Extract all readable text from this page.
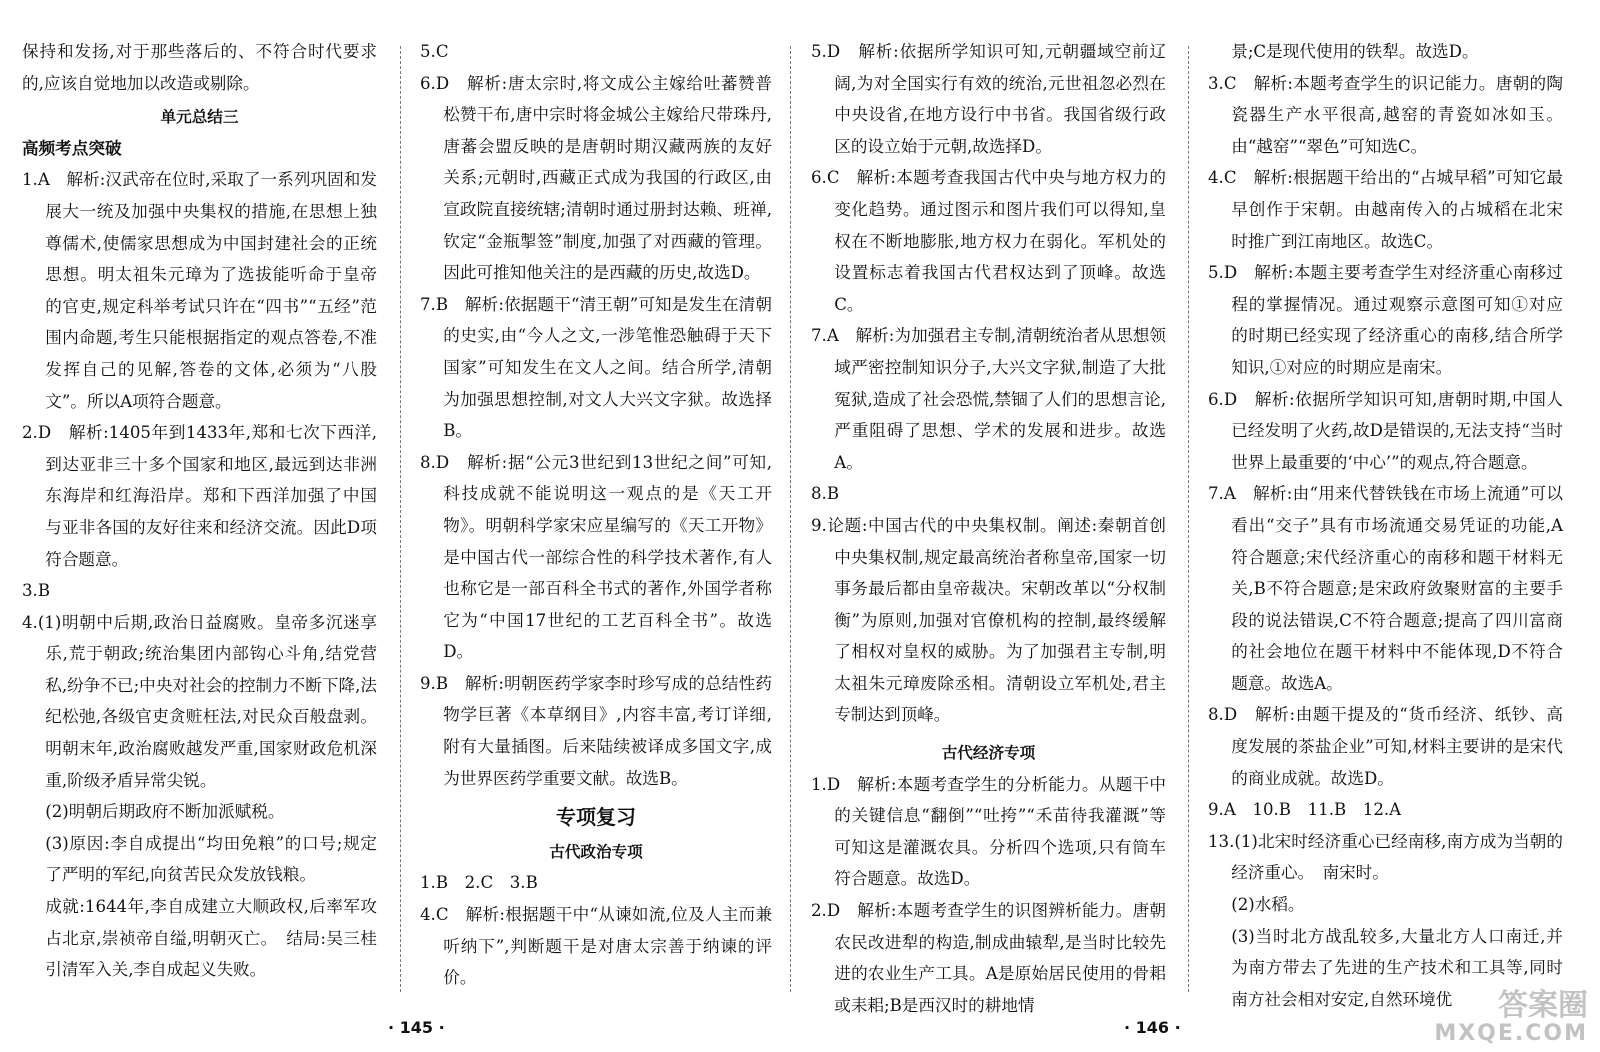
保持和发扬,对于那些落后的、不符合时代要求的,应该自觉地加以改造或剔除。

单元总结三

高频考点突破

1.A　解析:汉武帝在位时,采取了一系列巩固和发展大一统及加强中央集权的措施,在思想上独尊儒术,使儒家思想成为中国封建社会的正统思想。明太祖朱元璋为了选拔能听命于皇帝的官吏,规定科举考试只许在“四书”“五经”范围内命题,考生只能根据指定的观点答卷,不准发挥自己的见解,答卷的文体,必须为“八股文”。所以A项符合题意。

2.D　解析:1405年到1433年,郑和七次下西洋,到达亚非三十多个国家和地区,最远到达非洲东海岸和红海沿岸。郑和下西洋加强了中国与亚非各国的友好往来和经济交流。因此D项符合题意。

3.B

4.(1)明朝中后期,政治日益腐败。皇帝多沉迷享乐,荒于朝政;统治集团内部钩心斗角,结党营私,纷争不已;中央对社会的控制力不断下降,法纪松弛,各级官吏贪赃枉法,对民众百般盘剥。明朝末年,政治腐败越发严重,国家财政危机深重,阶级矛盾异常尖锐。

(2)明朝后期政府不断加派赋税。

(3)原因:李自成提出“均田免粮”的口号;规定了严明的军纪,向贫苦民众发放钱粮。

成就:1644年,李自成建立大顺政权,后率军攻占北京,崇祯帝自缢,明朝灭亡。　结局:吴三桂引清军入关,李自成起义失败。

5.C

6.D　解析:唐太宗时,将文成公主嫁给吐蕃赞普松赞干布,唐中宗时将金城公主嫁给尺带珠丹,唐蕃会盟反映的是唐朝时期汉藏两族的友好关系;元朝时,西藏正式成为我国的行政区,由宣政院直接统辖;清朝时通过册封达赖、班禅,钦定“金瓶掣签”制度,加强了对西藏的管理。因此可推知他关注的是西藏的历史,故选D。

7.B　解析:依据题干“清王朝”可知是发生在清朝的史实,由“今人之文,一涉笔惟恐触碍于天下国家”可知发生在文人之间。结合所学,清朝为加强思想控制,对文人大兴文字狱。故选择B。

8.D　解析:据“公元3世纪到13世纪之间”可知,科技成就不能说明这一观点的是《天工开物》。明朝科学家宋应星编写的《天工开物》是中国古代一部综合性的科学技术著作,有人也称它是一部百科全书式的著作,外国学者称它为“中国17世纪的工艺百科全书”。故选D。

9.B　解析:明朝医药学家李时珍写成的总结性药物学巨著《本草纲目》,内容丰富,考订详细,附有大量插图。后来陆续被译成多国文字,成为世界医药学重要文献。故选B。

专项复习

古代政治专项

1.B　2.C　3.B

4.C　解析:根据题干中“从谏如流,位及人主而兼听纳下”,判断题干是对唐太宗善于纳谏的评价。

5.D　解析:依据所学知识可知,元朝疆域空前辽阔,为对全国实行有效的统治,元世祖忽必烈在中央设省,在地方设行中书省。我国省级行政区的设立始于元朝,故选择D。

6.C　解析:本题考查我国古代中央与地方权力的变化趋势。通过图示和图片我们可以得知,皇权在不断地膨胀,地方权力在弱化。军机处的设置标志着我国古代君权达到了顶峰。故选C。

7.A　解析:为加强君主专制,清朝统治者从思想领域严密控制知识分子,大兴文字狱,制造了大批冤狱,造成了社会恐慌,禁锢了人们的思想言论,严重阻碍了思想、学术的发展和进步。故选A。

8.B

9.论题:中国古代的中央集权制。阐述:秦朝首创中央集权制,规定最高统治者称皇帝,国家一切事务最后都由皇帝裁决。宋朝改革以“分权制衡”为原则,加强对官僚机构的控制,最终缓解了相权对皇权的威胁。为了加强君主专制,明太祖朱元璋废除丞相。清朝设立军机处,君主专制达到顶峰。

古代经济专项

1.D　解析:本题考查学生的分析能力。从题干中的关键信息“翻倒”“吐挎”“禾苗待我灌溉”等可知这是灌溉农具。分析四个选项,只有筒车符合题意。故选D。

2.D　解析:本题考查学生的识图辨析能力。唐朝农民改进犁的构造,制成曲辕犁,是当时比较先进的农业生产工具。A是原始居民使用的骨耜或耒耜;B是西汉时的耕地情

景;C是现代使用的铁犁。故选D。

3.C　解析:本题考查学生的识记能力。唐朝的陶瓷器生产水平很高,越窑的青瓷如冰如玉。由“越窑”“翠色”可知选C。

4.C　解析:根据题干给出的“占城早稻”可知它最早创作于宋朝。由越南传入的占城稻在北宋时推广到江南地区。故选C。

5.D　解析:本题主要考查学生对经济重心南移过程的掌握情况。通过观察示意图可知①对应的时期已经实现了经济重心的南移,结合所学知识,①对应的时期应是南宋。

6.D　解析:依据所学知识可知,唐朝时期,中国人已经发明了火药,故D是错误的,无法支持“当时世界上最重要的‘中心’”的观点,符合题意。

7.A　解析:由“用来代替铁钱在市场上流通”可以看出“交子”具有市场流通交易凭证的功能,A符合题意;宋代经济重心的南移和题干材料无关,B不符合题意;是宋政府敛聚财富的主要手段的说法错误,C不符合题意;提高了四川富商的社会地位在题干材料中不能体现,D不符合题意。故选A。

8.D　解析:由题干提及的“货币经济、纸钞、高度发展的茶盐企业”可知,材料主要讲的是宋代的商业成就。故选D。

9.A　10.B　11.B　12.A

13.(1)北宋时经济重心已经南移,南方成为当朝的经济重心。　南宋时。

(2)水稻。

(3)当时北方战乱较多,大量北方人口南迁,并为南方带去了先进的生产技术和工具等,同时南方社会相对安定,自然环境优

· 145 ·	· 146 ·
答案圈
MXQE.COM
